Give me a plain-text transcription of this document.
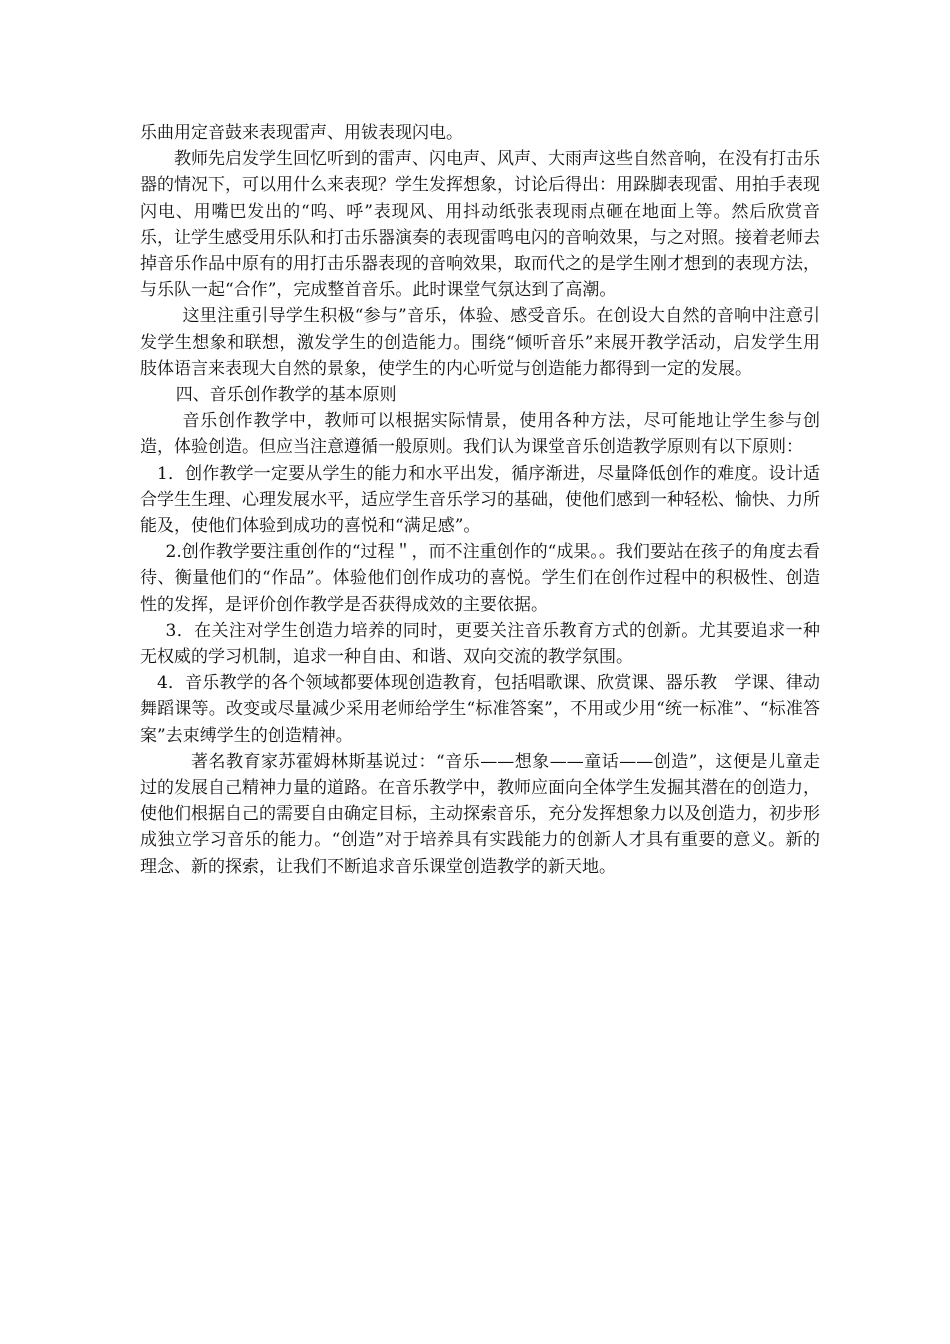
乐曲用定音鼓来表现雷声、用钹表现闪电。

教师先启发学生回忆听到的雷声、闪电声、风声、大雨声这些自然音响，在没有打击乐器的情况下，可以用什么来表现？学生发挥想象，讨论后得出：用跺脚表现雷、用拍手表现闪电、用嘴巴发出的“呜、呼”表现风、用抖动纸张表现雨点砸在地面上等。然后欣赏音乐，让学生感受用乐队和打击乐器演奏的表现雷鸣电闪的音响效果，与之对照。接着老师去掉音乐作品中原有的用打击乐器表现的音响效果，取而代之的是学生刚才想到的表现方法，与乐队一起“合作”，完成整首音乐。此时课堂气氛达到了高潮。

这里注重引导学生积极“参与”音乐，体验、感受音乐。在创设大自然的音响中注意引发学生想象和联想，激发学生的创造能力。围绕“倾听音乐”来展开教学活动，启发学生用肢体语言来表现大自然的景象，使学生的内心听觉与创造能力都得到一定的发展。

四、音乐创作教学的基本原则

音乐创作教学中，教师可以根据实际情景，使用各种方法，尽可能地让学生参与创造，体验创造。但应当注意遵循一般原则。我们认为课堂音乐创造教学原则有以下原则：

1．创作教学一定要从学生的能力和水平出发，循序渐进，尽量降低创作的难度。设计适合学生生理、心理发展水平，适应学生音乐学习的基础，使他们感到一种轻松、愉快、力所能及，使他们体验到成功的喜悦和“满足感”。

2.创作教学要注重创作的“过程＂，而不注重创作的“成果。。我们要站在孩子的角度去看待、衡量他们的“作品”。体验他们创作成功的喜悦。学生们在创作过程中的积极性、创造性的发挥，是评价创作教学是否获得成效的主要依据。

3．在关注对学生创造力培养的同时，更要关注音乐教育方式的创新。尤其要追求一种无权威的学习机制，追求一种自由、和谐、双向交流的教学氛围。

4．音乐教学的各个领域都要体现创造教育，包括唱歌课、欣赏课、器乐教　学课、律动舞蹈课等。改变或尽量减少采用老师给学生“标准答案”，不用或少用“统一标准”、“标准答案”去束缚学生的创造精神。

著名教育家苏霍姆林斯基说过：“音乐——想象——童话——创造”，这便是儿童走过的发展自己精神力量的道路。在音乐教学中，教师应面向全体学生发掘其潜在的创造力，使他们根据自己的需要自由确定目标，主动探索音乐，充分发挥想象力以及创造力，初步形成独立学习音乐的能力。“创造”对于培养具有实践能力的创新人才具有重要的意义。新的理念、新的探索，让我们不断追求音乐课堂创造教学的新天地。
